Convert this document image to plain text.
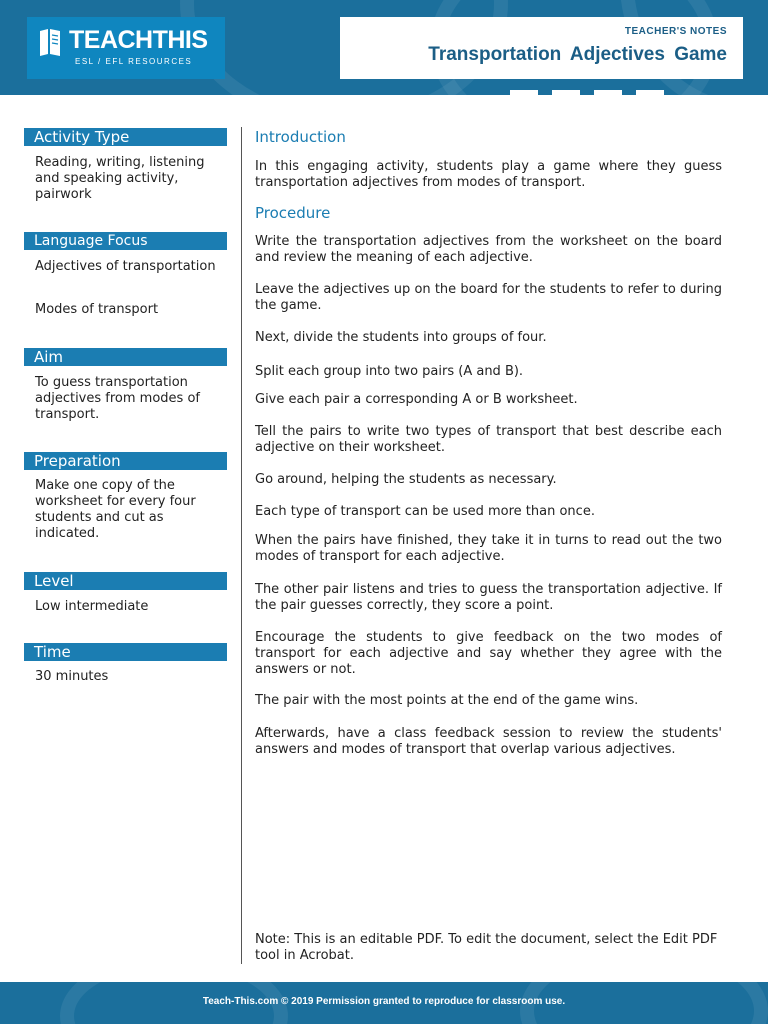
TEACHTHIS
ESL / EFL RESOURCES
TEACHER'S NOTES
Transportation Adjectives Game
Activity Type
Reading, writing, listening and speaking activity, pairwork
Language Focus
Adjectives of transportation
Modes of transport
Aim
To guess transportation adjectives from modes of transport.
Preparation
Make one copy of the worksheet for every four students and cut as indicated.
Level
Low intermediate
Time
30 minutes
Introduction
In this engaging activity, students play a game where they guess transportation adjectives from modes of transport.
Procedure
Write the transportation adjectives from the worksheet on the board and review the meaning of each adjective.
Leave the adjectives up on the board for the students to refer to during the game.
Next, divide the students into groups of four.
Split each group into two pairs (A and B).
Give each pair a corresponding A or B worksheet.
Tell the pairs to write two types of transport that best describe each adjective on their worksheet.
Go around, helping the students as necessary.
Each type of transport can be used more than once.
When the pairs have finished, they take it in turns to read out the two modes of transport for each adjective.
The other pair listens and tries to guess the transportation adjective. If the pair guesses correctly, they score a point.
Encourage the students to give feedback on the two modes of transport for each adjective and say whether they agree with the answers or not.
The pair with the most points at the end of the game wins.
Afterwards, have a class feedback session to review the students' answers and modes of transport that overlap various adjectives.
Note: This is an editable PDF. To edit the document, select the Edit PDF tool in Acrobat.
Teach-This.com © 2019 Permission granted to reproduce for classroom use.
